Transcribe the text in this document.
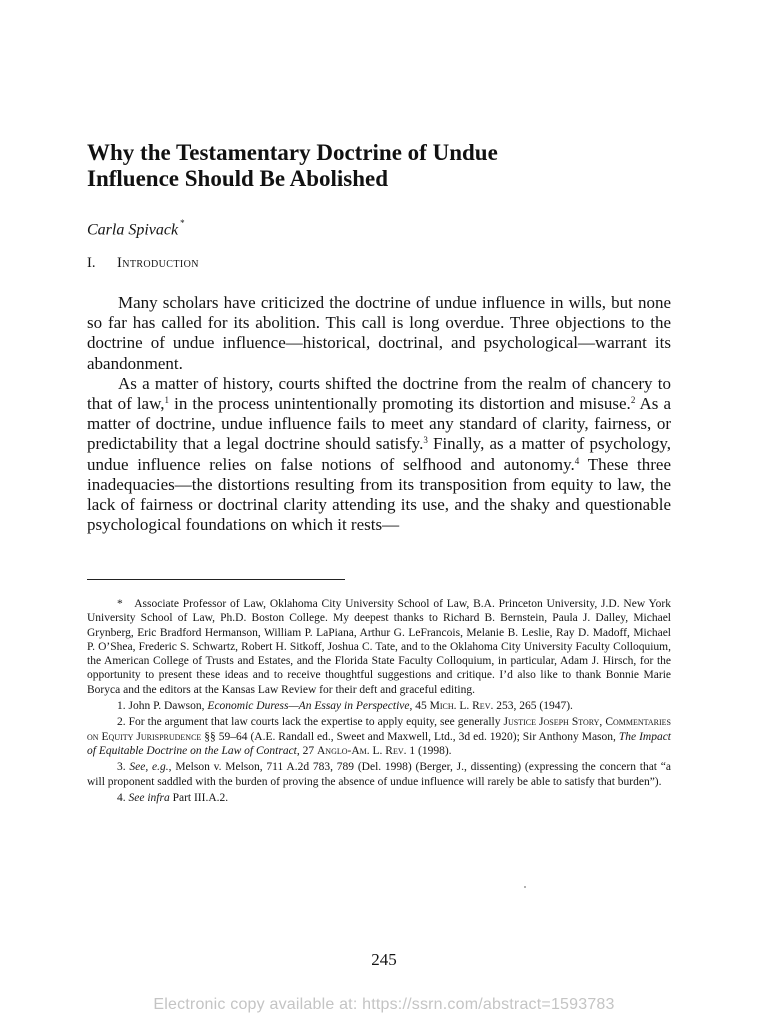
Why the Testamentary Doctrine of Undue
Influence Should Be Abolished
Carla Spivack *
I. Introduction

Many scholars have criticized the doctrine of undue influence in wills, but none so far has called for its abolition. This call is long overdue. Three objections to the doctrine of undue influence—historical, doctrinal, and psychological—warrant its abandonment.

As a matter of history, courts shifted the doctrine from the realm of chancery to that of law,$^1$ in the process unintentionally promoting its distortion and misuse.$^2$ As a matter of doctrine, undue influence fails to meet any standard of clarity, fairness, or predictability that a legal doctrine should satisfy.$^3$ Finally, as a matter of psychology, undue influence relies on false notions of selfhood and autonomy.$^4$ These three inadequacies—the distortions resulting from its transposition from equity to law, the lack of fairness or doctrinal clarity attending its use, and the shaky and questionable psychological foundations on which it rests—

* Associate Professor of Law, Oklahoma City University School of Law, B.A. Princeton University, J.D. New York University School of Law, Ph.D. Boston College. My deepest thanks to Richard B. Bernstein, Paula J. Dalley, Michael Grynberg, Eric Bradford Hermanson, William P. LaPiana, Arthur G. LeFrancois, Melanie B. Leslie, Ray D. Madoff, Michael P. O’Shea, Frederic S. Schwartz, Robert H. Sitkoff, Joshua C. Tate, and to the Oklahoma City University Faculty Colloquium, the American College of Trusts and Estates, and the Florida State Faculty Colloquium, in particular, Adam J. Hirsch, for the opportunity to present these ideas and to receive thoughtful suggestions and critique. I’d also like to thank Bonnie Marie Boryca and the editors at the Kansas Law Review for their deft and graceful editing.

1. John P. Dawson, Economic Duress—An Essay in Perspective, 45 Mich. L. Rev. 253, 265 (1947).

2. For the argument that law courts lack the expertise to apply equity, see generally Justice Joseph Story, Commentaries on Equity Jurisprudence §§ 59–64 (A.E. Randall ed., Sweet and Maxwell, Ltd., 3d ed. 1920); Sir Anthony Mason, The Impact of Equitable Doctrine on the Law of Contract, 27 Anglo-Am. L. Rev. 1 (1998).

3. See, e.g., Melson v. Melson, 711 A.2d 783, 789 (Del. 1998) (Berger, J., dissenting) (expressing the concern that “a will proponent saddled with the burden of proving the absence of undue influence will rarely be able to satisfy that burden”).

4. See infra Part III.A.2.

245
Electronic copy available at: https://ssrn.com/abstract=1593783
